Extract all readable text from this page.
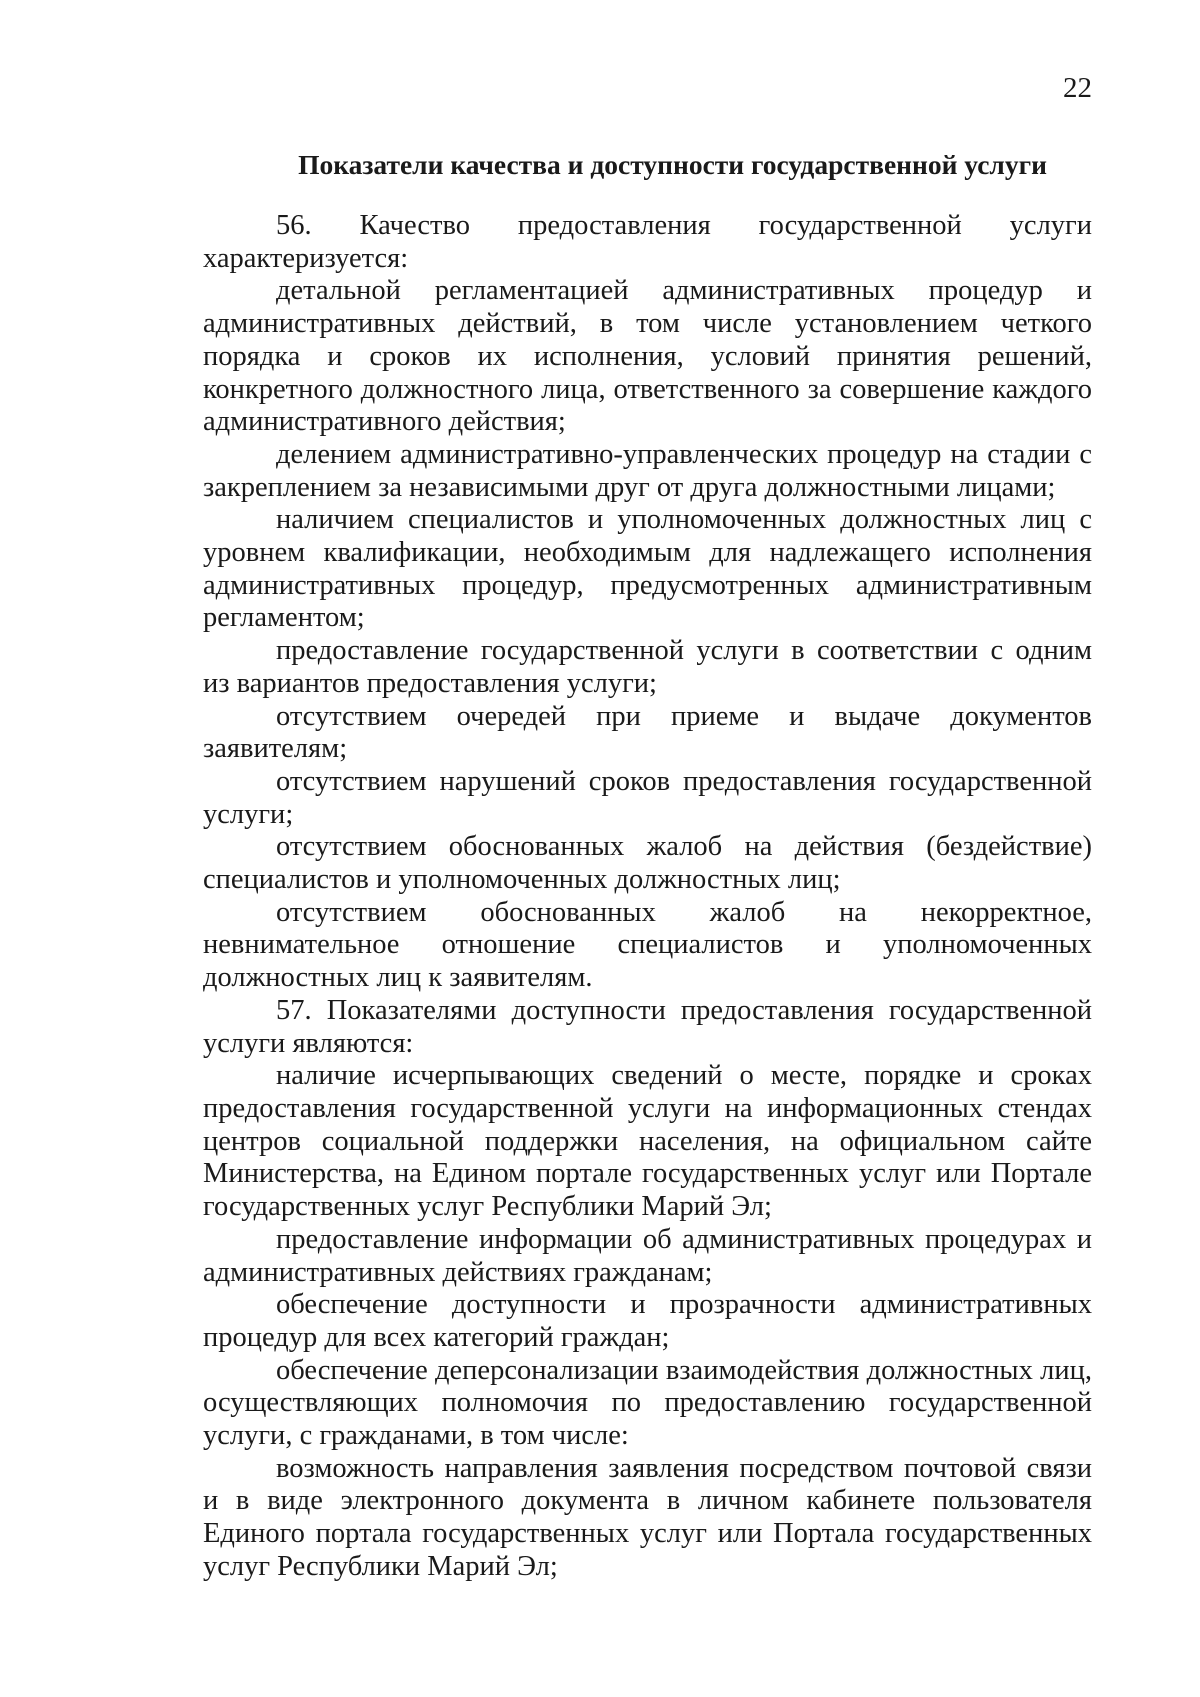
22
Показатели качества и доступности государственной услуги

56. Качество предоставления государственной услуги характеризуется:

детальной регламентацией административных процедур и административных действий, в том числе установлением четкого порядка и сроков их исполнения, условий принятия решений, конкретного должностного лица, ответственного за совершение каждого административного действия;

делением административно-управленческих процедур на стадии с закреплением за независимыми друг от друга должностными лицами;

наличием специалистов и уполномоченных должностных лиц с уровнем квалификации, необходимым для надлежащего исполнения административных процедур, предусмотренных административным регламентом;

предоставление государственной услуги в соответствии с одним из вариантов предоставления услуги;

отсутствием очередей при приеме и выдаче документов заявителям;

отсутствием нарушений сроков предоставления государственной услуги;

отсутствием обоснованных жалоб на действия (бездействие) специалистов и уполномоченных должностных лиц;

отсутствием обоснованных жалоб на некорректное, невнимательное отношение специалистов и уполномоченных должностных лиц к заявителям.

57. Показателями доступности предоставления государственной услуги являются:

наличие исчерпывающих сведений о месте, порядке и сроках предоставления государственной услуги на информационных стендах центров социальной поддержки населения, на официальном сайте Министерства, на Едином портале государственных услуг или Портале государственных услуг Республики Марий Эл;

предоставление информации об административных процедурах и административных действиях гражданам;

обеспечение доступности и прозрачности административных процедур для всех категорий граждан;

обеспечение деперсонализации взаимодействия должностных лиц, осуществляющих полномочия по предоставлению государственной услуги, с гражданами, в том числе:

возможность направления заявления посредством почтовой связи и в виде электронного документа в личном кабинете пользователя Единого портала государственных услуг или Портала государственных услуг Республики Марий Эл;
